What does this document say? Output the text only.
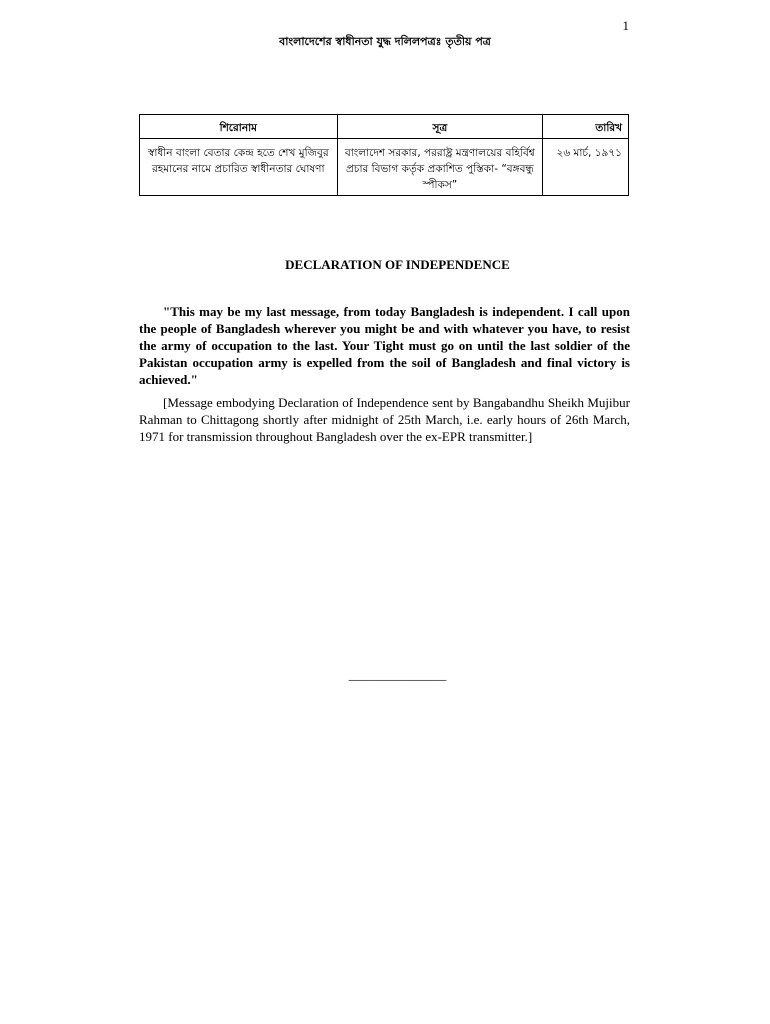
1
বাংলাদেশের স্বাধীনতা যুদ্ধ দলিলপত্রঃ তৃতীয় পত্র
শিরোনাম	সূত্র	তারিখ
স্বাধীন বাংলা বেতার কেন্দ্র হতে শেখ মুজিবুর রহমানের নামে প্রচারিত স্বাধীনতার ঘোষণা	বাংলাদেশ সরকার, পররাষ্ট্র মন্ত্রণালয়ের বহির্বিশ্ব প্রচার বিভাগ কর্তৃক প্রকাশিত পুস্তিকা- “বঙ্গবন্ধু স্পীকস”	২৬ মার্চ, ১৯৭১
DECLARATION OF INDEPENDENCE

"This may be my last message, from today Bangladesh is independent. I call upon the people of Bangladesh wherever you might be and with whatever you have, to resist the army of occupation to the last. Your Tight must go on until the last soldier of the Pakistan occupation army is expelled from the soil of Bangladesh and final victory is achieved."

[Message embodying Declaration of Independence sent by Bangabandhu Sheikh Mujibur Rahman to Chittagong shortly after midnight of 25th March, i.e. early hours of 26th March, 1971 for transmission throughout Bangladesh over the ex-EPR transmitter.]

_______________
